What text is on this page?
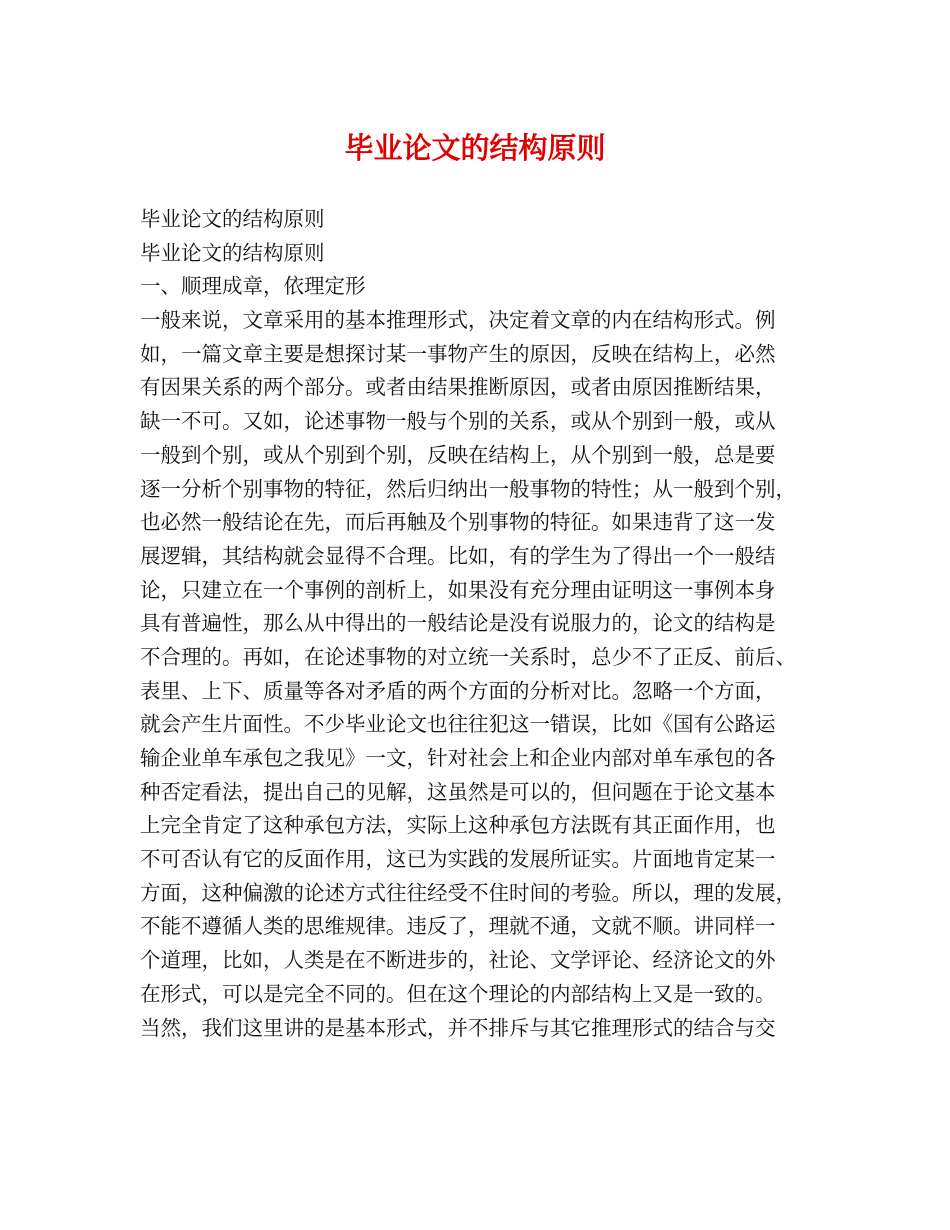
毕业论文的结构原则
毕业论文的结构原则
毕业论文的结构原则
一、顺理成章，依理定形
一般来说，文章采用的基本推理形式，决定着文章的内在结构形式。例
如，一篇文章主要是想探讨某一事物产生的原因，反映在结构上，必然
有因果关系的两个部分。或者由结果推断原因，或者由原因推断结果，
缺一不可。又如，论述事物一般与个别的关系，或从个别到一般，或从
一般到个别，或从个别到个别，反映在结构上，从个别到一般，总是要
逐一分析个别事物的特征，然后归纳出一般事物的特性；从一般到个别，
也必然一般结论在先，而后再触及个别事物的特征。如果违背了这一发
展逻辑，其结构就会显得不合理。比如，有的学生为了得出一个一般结
论，只建立在一个事例的剖析上，如果没有充分理由证明这一事例本身
具有普遍性，那么从中得出的一般结论是没有说服力的，论文的结构是
不合理的。再如，在论述事物的对立统一关系时，总少不了正反、前后、
表里、上下、质量等各对矛盾的两个方面的分析对比。忽略一个方面，
就会产生片面性。不少毕业论文也往往犯这一错误，比如《国有公路运
输企业单车承包之我见》一文，针对社会上和企业内部对单车承包的各
种否定看法，提出自己的见解，这虽然是可以的，但问题在于论文基本
上完全肯定了这种承包方法，实际上这种承包方法既有其正面作用，也
不可否认有它的反面作用，这已为实践的发展所证实。片面地肯定某一
方面，这种偏激的论述方式往往经受不住时间的考验。所以，理的发展，
不能不遵循人类的思维规律。违反了，理就不通，文就不顺。讲同样一
个道理，比如，人类是在不断进步的，社论、文学评论、经济论文的外
在形式，可以是完全不同的。但在这个理论的内部结构上又是一致的。
当然，我们这里讲的是基本形式，并不排斥与其它推理形式的结合与交
